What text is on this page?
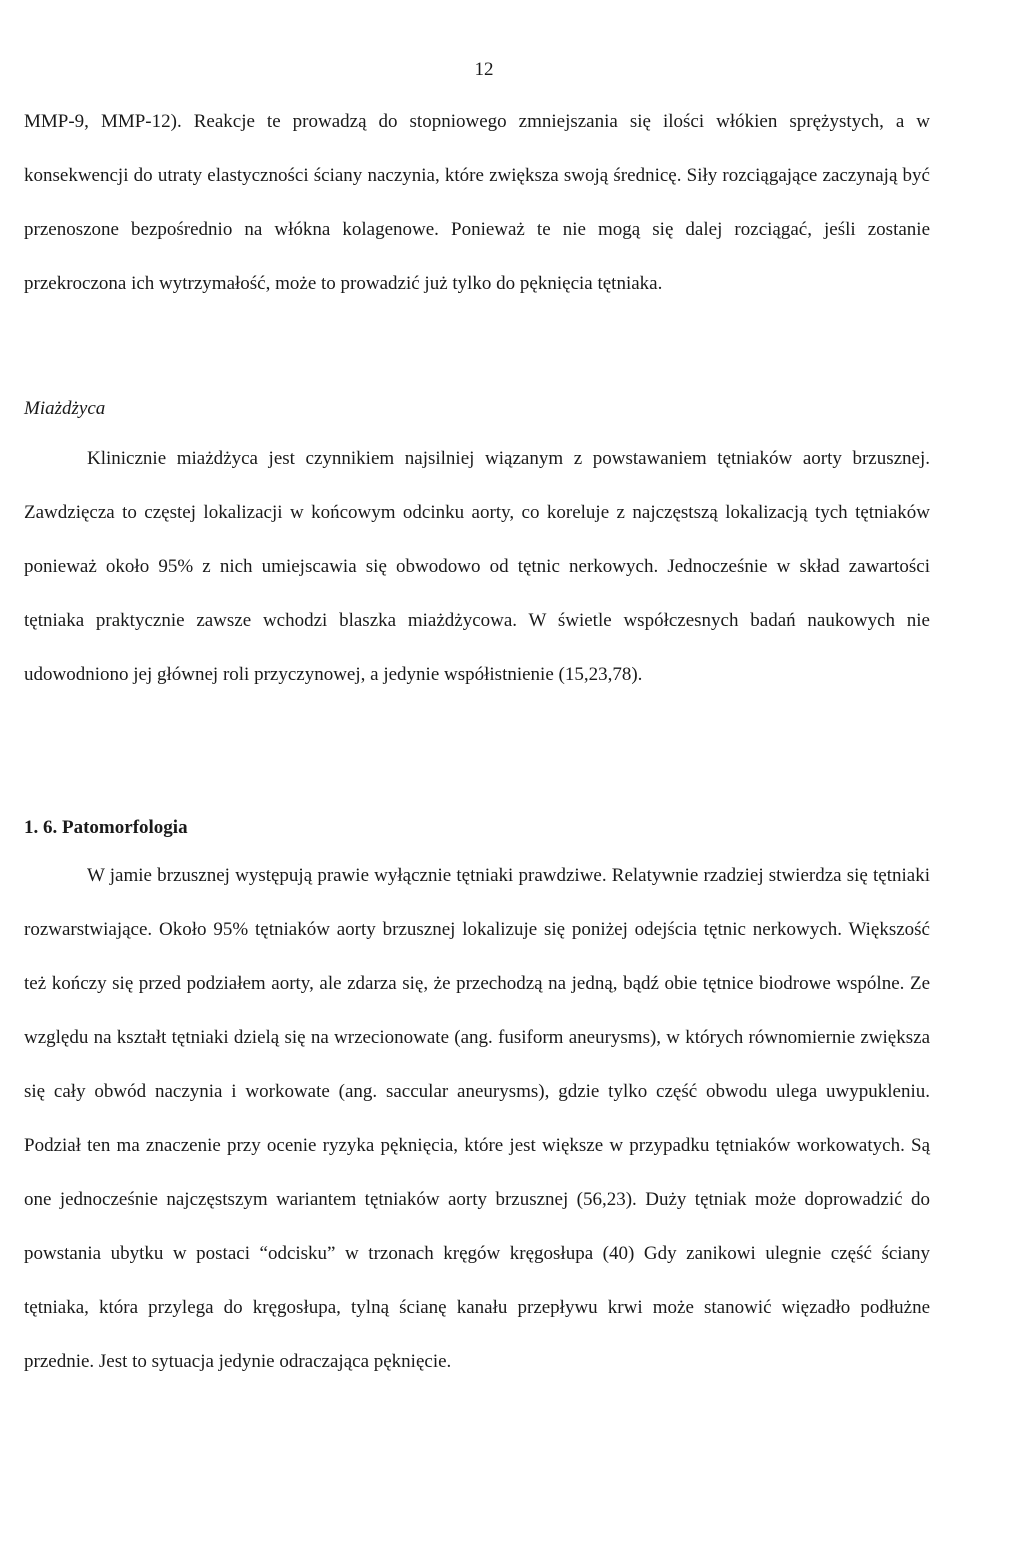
12

MMP-9, MMP-12). Reakcje te prowadzą do stopniowego zmniejszania się ilości włókien sprężystych, a w konsekwencji do utraty elastyczności ściany naczynia, które zwiększa swoją średnicę. Siły rozciągające zaczynają być przenoszone bezpośrednio na włókna kolagenowe. Ponieważ te nie mogą się dalej rozciągać, jeśli zostanie przekroczona ich wytrzymałość, może to prowadzić już tylko do pęknięcia tętniaka.

Miażdżyca

Klinicznie miażdżyca jest czynnikiem najsilniej wiązanym z powstawaniem tętniaków aorty brzusznej. Zawdzięcza to częstej lokalizacji w końcowym odcinku aorty, co koreluje z najczęstszą lokalizacją tych tętniaków ponieważ około 95% z nich umiejscawia się obwodowo od tętnic nerkowych. Jednocześnie w skład zawartości tętniaka praktycznie zawsze wchodzi blaszka miażdżycowa. W świetle współczesnych badań naukowych nie udowodniono jej głównej roli przyczynowej, a jedynie współistnienie (15,23,78).

1. 6. Patomorfologia

W jamie brzusznej występują prawie wyłącznie tętniaki prawdziwe. Relatywnie rzadziej stwierdza się tętniaki rozwarstwiające. Około 95% tętniaków aorty brzusznej lokalizuje się poniżej odejścia tętnic nerkowych. Większość też kończy się przed podziałem aorty, ale zdarza się, że przechodzą na jedną, bądź obie tętnice biodrowe wspólne. Ze względu na kształt tętniaki dzielą się na wrzecionowate (ang. fusiform aneurysms), w których równomiernie zwiększa się cały obwód naczynia i workowate (ang. saccular aneurysms), gdzie tylko część obwodu ulega uwypukleniu. Podział ten ma znaczenie przy ocenie ryzyka pęknięcia, które jest większe w przypadku tętniaków workowatych. Są one jednocześnie najczęstszym wariantem tętniaków aorty brzusznej (56,23). Duży tętniak może doprowadzić do powstania ubytku w postaci “odcisku” w trzonach kręgów kręgosłupa (40) Gdy zanikowi ulegnie część ściany tętniaka, która przylega do kręgosłupa, tylną ścianę kanału przepływu krwi może stanowić więzadło podłużne przednie. Jest to sytuacja jedynie odraczająca pęknięcie.
